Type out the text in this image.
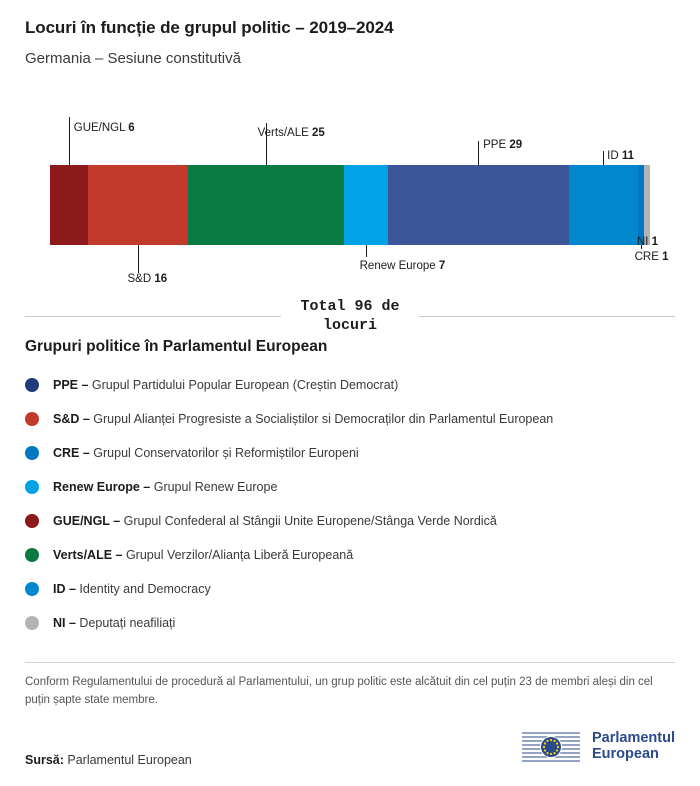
Locuri în funcție de grupul politic – 2019–2024
Germania – Sesiune constitutivă
GUE/NGL 6
S&D 16
Verts/ALE 25
Renew Europe 7
PPE 29
ID 11
CRE 1
NI 1
Total 96 de locuri
Grupuri politice în Parlamentul European
PPE – Grupul Partidului Popular European (Creștin Democrat)
S&D – Grupul Alianței Progresiste a Socialiștilor si Democraților din Parlamentul European
CRE – Grupul Conservatorilor și Reformiștilor Europeni
Renew Europe – Grupul Renew Europe
GUE/NGL – Grupul Confederal al Stângii Unite Europene/Stânga Verde Nordică
Verts/ALE – Grupul Verzilor/Alianța Liberă Europeană
ID – Identity and Democracy
NI – Deputați neafiliați
Conform Regulamentului de procedură al Parlamentului, un grup politic este alcătuit din cel puțin 23 de membri aleși din cel puțin șapte state membre.
Sursă: Parlamentul European
Parlamentul
European
